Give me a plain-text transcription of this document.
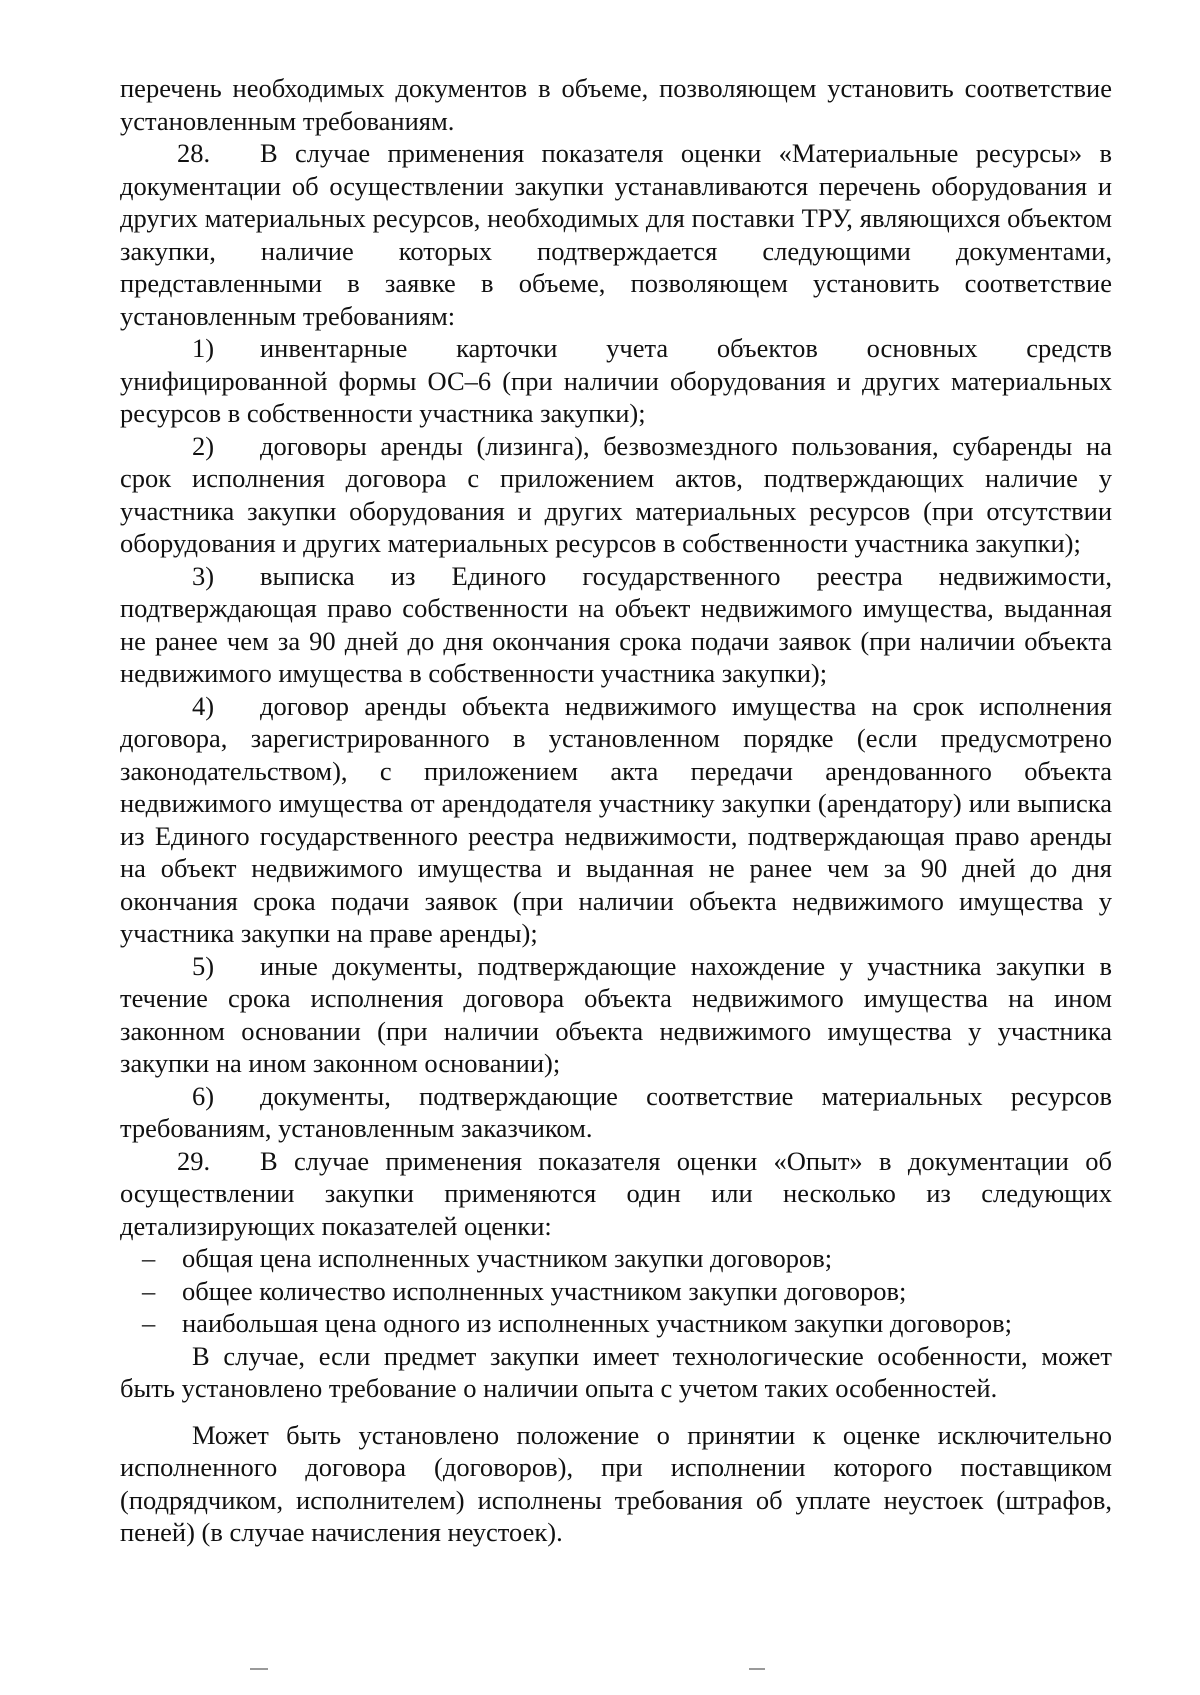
перечень необходимых документов в объеме, позволяющем установить соответствие установленным требованиям.

28. В случае применения показателя оценки «Материальные ресурсы» в документации об осуществлении закупки устанавливаются перечень оборудования и других материальных ресурсов, необходимых для поставки ТРУ, являющихся объектом закупки, наличие которых подтверждается следующими документами, представленными в заявке в объеме, позволяющем установить соответствие установленным требованиям:

1) инвентарные карточки учета объектов основных средств унифицированной формы ОС–6 (при наличии оборудования и других материальных ресурсов в собственности участника закупки);

2) договоры аренды (лизинга), безвозмездного пользования, субаренды на срок исполнения договора с приложением актов, подтверждающих наличие у участника закупки оборудования и других материальных ресурсов (при отсутствии оборудования и других материальных ресурсов в собственности участника закупки);

3) выписка из Единого государственного реестра недвижимости, подтверждающая право собственности на объект недвижимого имущества, выданная не ранее чем за 90 дней до дня окончания срока подачи заявок (при наличии объекта недвижимого имущества в собственности участника закупки);

4) договор аренды объекта недвижимого имущества на срок исполнения договора, зарегистрированного в установленном порядке (если предусмотрено законодательством), с приложением акта передачи арендованного объекта недвижимого имущества от арендодателя участнику закупки (арендатору) или выписка из Единого государственного реестра недвижимости, подтверждающая право аренды на объект недвижимого имущества и выданная не ранее чем за 90 дней до дня окончания срока подачи заявок (при наличии объекта недвижимого имущества у участника закупки на праве аренды);

5) иные документы, подтверждающие нахождение у участника закупки в течение срока исполнения договора объекта недвижимого имущества на ином законном основании (при наличии объекта недвижимого имущества у участника закупки на ином законном основании);

6) документы, подтверждающие соответствие материальных ресурсов требованиям, установленным заказчиком.

29. В случае применения показателя оценки «Опыт» в документации об осуществлении закупки применяются один или несколько из следующих детализирующих показателей оценки:

– общая цена исполненных участником закупки договоров;

– общее количество исполненных участником закупки договоров;

– наибольшая цена одного из исполненных участником закупки договоров;

В случае, если предмет закупки имеет технологические особенности, может быть установлено требование о наличии опыта с учетом таких особенностей.

Может быть установлено положение о принятии к оценке исключительно исполненного договора (договоров), при исполнении которого поставщиком (подрядчиком, исполнителем) исполнены требования об уплате неустоек (штрафов, пеней) (в случае начисления неустоек).
